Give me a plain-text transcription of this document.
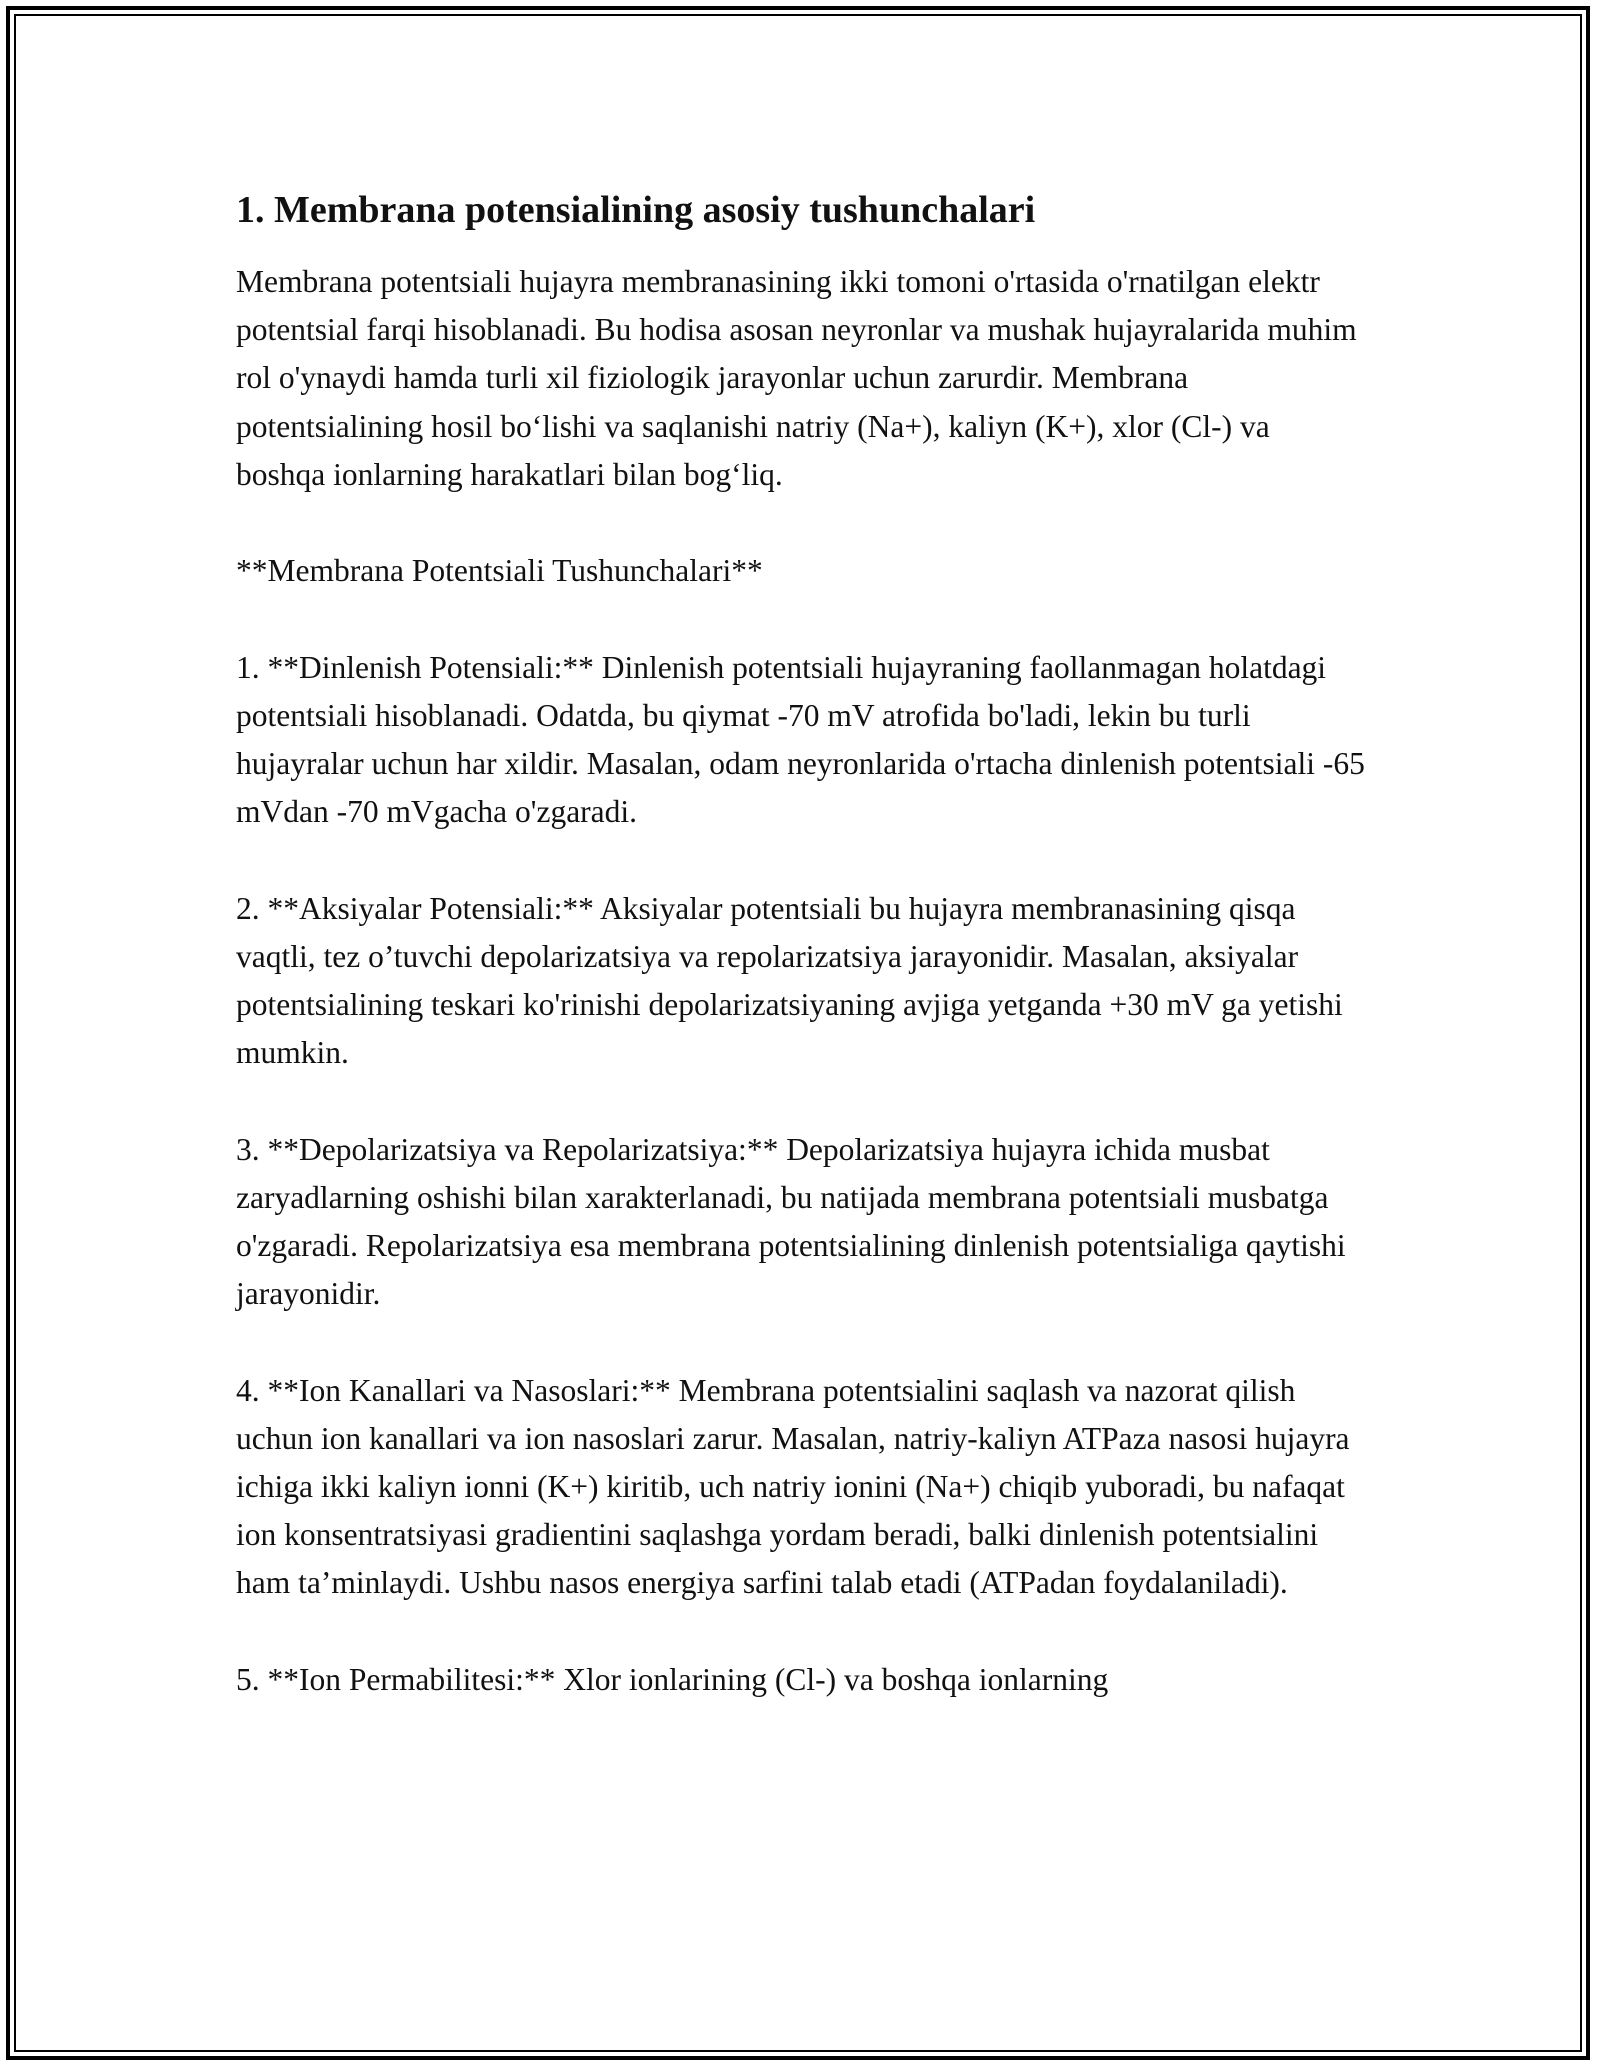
1. Membrana potensialining asosiy tushunchalari

Membrana potentsiali hujayra membranasining ikki tomoni o'rtasida o'rnatilgan elektr potentsial farqi hisoblanadi. Bu hodisa asosan neyronlar va mushak hujayralarida muhim rol o'ynaydi hamda turli xil fiziologik jarayonlar uchun zarurdir. Membrana potentsialining hosil bo‘lishi va saqlanishi natriy (Na+), kaliyn (K+), xlor (Cl-) va boshqa ionlarning harakatlari bilan bog‘liq.

**Membrana Potentsiali Tushunchalari**

1. **Dinlenish Potensiali:** Dinlenish potentsiali hujayraning faollanmagan holatdagi potentsiali hisoblanadi. Odatda, bu qiymat -70 mV atrofida bo'ladi, lekin bu turli hujayralar uchun har xildir. Masalan, odam neyronlarida o'rtacha dinlenish potentsiali -65 mVdan -70 mVgacha o'zgaradi.

2. **Aksiyalar Potensiali:** Aksiyalar potentsiali bu hujayra membranasining qisqa vaqtli, tez o’tuvchi depolarizatsiya va repolarizatsiya jarayonidir. Masalan, aksiyalar potentsialining teskari ko'rinishi depolarizatsiyaning avjiga yetganda +30 mV ga yetishi mumkin.

3. **Depolarizatsiya va Repolarizatsiya:** Depolarizatsiya hujayra ichida musbat zaryadlarning oshishi bilan xarakterlanadi, bu natijada membrana potentsiali musbatga o'zgaradi. Repolarizatsiya esa membrana potentsialining dinlenish potentsialiga qaytishi jarayonidir.

4. **Ion Kanallari va Nasoslari:** Membrana potentsialini saqlash va nazorat qilish uchun ion kanallari va ion nasoslari zarur. Masalan, natriy-kaliyn ATPaza nasosi hujayra ichiga ikki kaliyn ionni (K+) kiritib, uch natriy ionini (Na+) chiqib yuboradi, bu nafaqat ion konsentratsiyasi gradientini saqlashga yordam beradi, balki dinlenish potentsialini ham ta’minlaydi. Ushbu nasos energiya sarfini talab etadi (ATPadan foydalaniladi).

5. **Ion Permabilitesi:** Xlor ionlarining (Cl-) va boshqa ionlarning
